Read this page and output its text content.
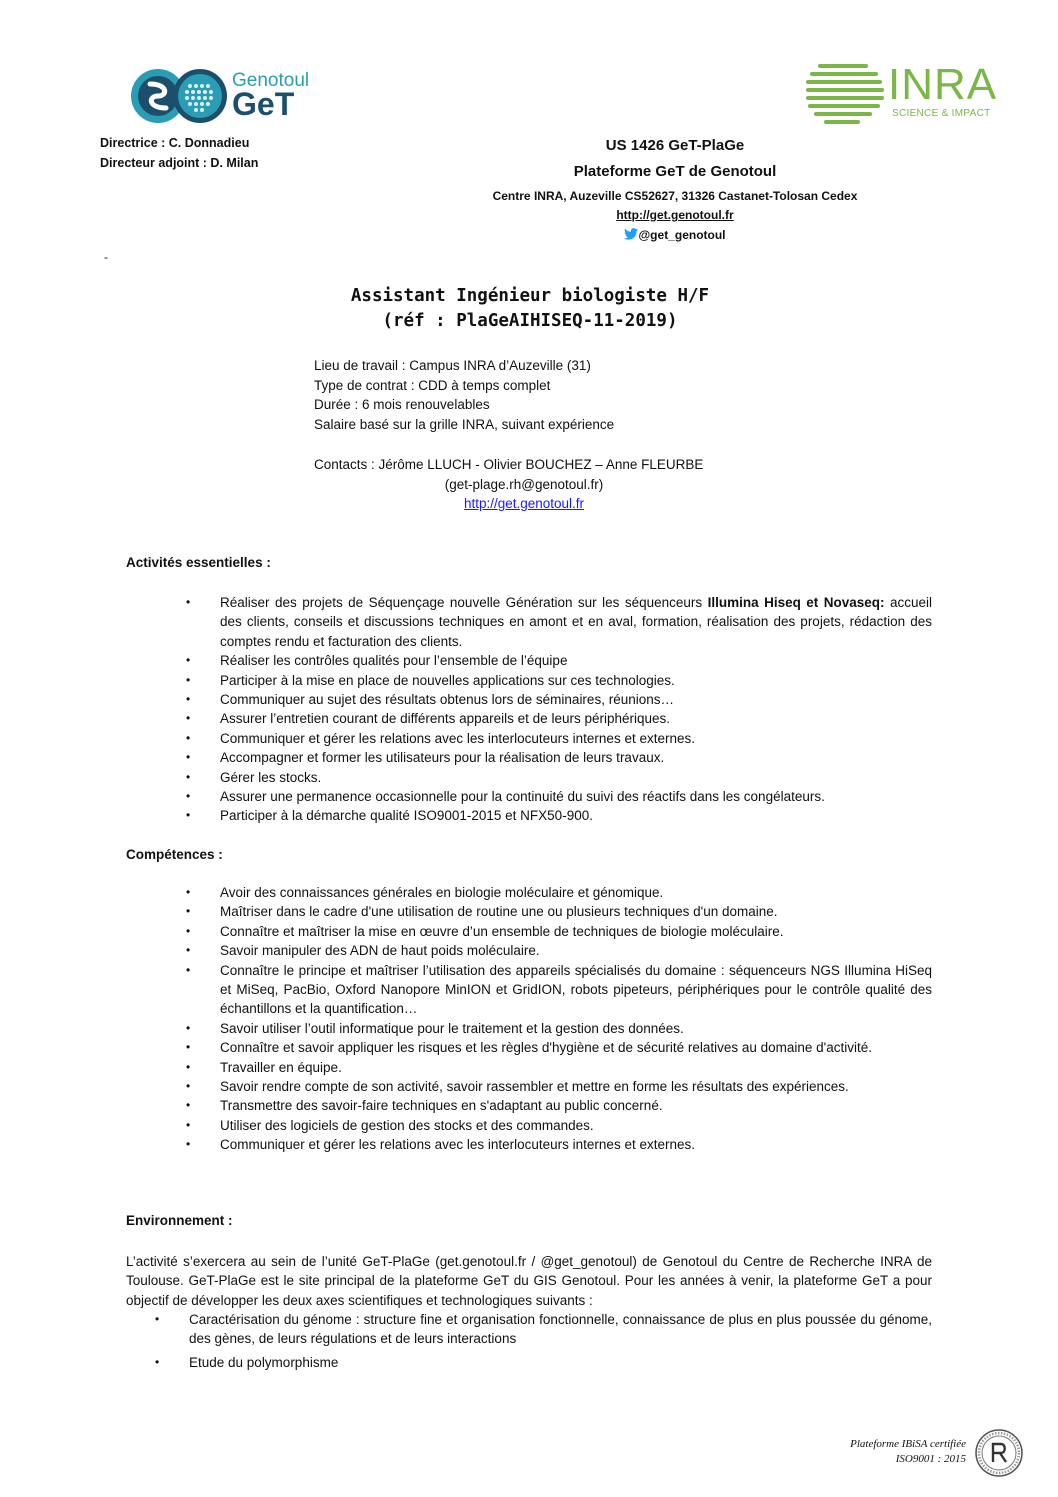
Genotoul
GeT	INRA
SCIENCE & IMPACT
Directrice : C. Donnadieu
Directeur adjoint : D. Milan
US 1426 GeT-PlaGe
Plateforme GeT de Genotoul
Centre INRA, Auzeville CS52627, 31326 Castanet-Tolosan Cedex
http://get.genotoul.fr
@get_genotoul
-
Assistant Ingénieur biologiste H/F
(réf : PlaGeAIHISEQ-11-2019)
Lieu de travail : Campus INRA d’Auzeville (31)
Type de contrat : CDD à temps complet
Durée : 6 mois renouvelables
Salaire basé sur la grille INRA, suivant expérience
Contacts : Jérôme LLUCH - Olivier BOUCHEZ – Anne FLEURBE
(get-plage.rh@genotoul.fr)
http://get.genotoul.fr
Activités essentielles :
• Réaliser des projets de Séquençage nouvelle Génération sur les séquenceurs Illumina Hiseq et Novaseq: accueil des clients, conseils et discussions techniques en amont et en aval, formation, réalisation des projets, rédaction des comptes rendu et facturation des clients.
• Réaliser les contrôles qualités pour l’ensemble de l’équipe
• Participer à la mise en place de nouvelles applications sur ces technologies.
• Communiquer au sujet des résultats obtenus lors de séminaires, réunions…
• Assurer l’entretien courant de différents appareils et de leurs périphériques.
• Communiquer et gérer les relations avec les interlocuteurs internes et externes.
• Accompagner et former les utilisateurs pour la réalisation de leurs travaux.
• Gérer les stocks.
• Assurer une permanence occasionnelle pour la continuité du suivi des réactifs dans les congélateurs.
• Participer à la démarche qualité ISO9001-2015 et NFX50-900.
Compétences :
• Avoir des connaissances générales en biologie moléculaire et génomique.
• Maîtriser dans le cadre d'une utilisation de routine une ou plusieurs techniques d'un domaine.
• Connaître et maîtriser la mise en œuvre d’un ensemble de techniques de biologie moléculaire.
• Savoir manipuler des ADN de haut poids moléculaire.
• Connaître le principe et maîtriser l’utilisation des appareils spécialisés du domaine : séquenceurs NGS Illumina HiSeq et MiSeq, PacBio, Oxford Nanopore MinION et GridION, robots pipeteurs, périphériques pour le contrôle qualité des échantillons et la quantification…
• Savoir utiliser l’outil informatique pour le traitement et la gestion des données.
• Connaître et savoir appliquer les risques et les règles d'hygiène et de sécurité relatives au domaine d'activité.
• Travailler en équipe.
• Savoir rendre compte de son activité, savoir rassembler et mettre en forme les résultats des expériences.
• Transmettre des savoir-faire techniques en s'adaptant au public concerné.
• Utiliser des logiciels de gestion des stocks et des commandes.
• Communiquer et gérer les relations avec les interlocuteurs internes et externes.
Environnement :
L’activité s’exercera au sein de l’unité GeT-PlaGe (get.genotoul.fr / @get_genotoul) de Genotoul du Centre de Recherche INRA de Toulouse. GeT-PlaGe est le site principal de la plateforme GeT du GIS Genotoul. Pour les années à venir, la plateforme GeT a pour objectif de développer les deux axes scientifiques et technologiques suivants :
• Caractérisation du génome : structure fine et organisation fonctionnelle, connaissance de plus en plus poussée du génome, des gènes, de leurs régulations et de leurs interactions
• Etude du polymorphisme
Plateforme IBiSA certifiée
ISO9001 : 2015
